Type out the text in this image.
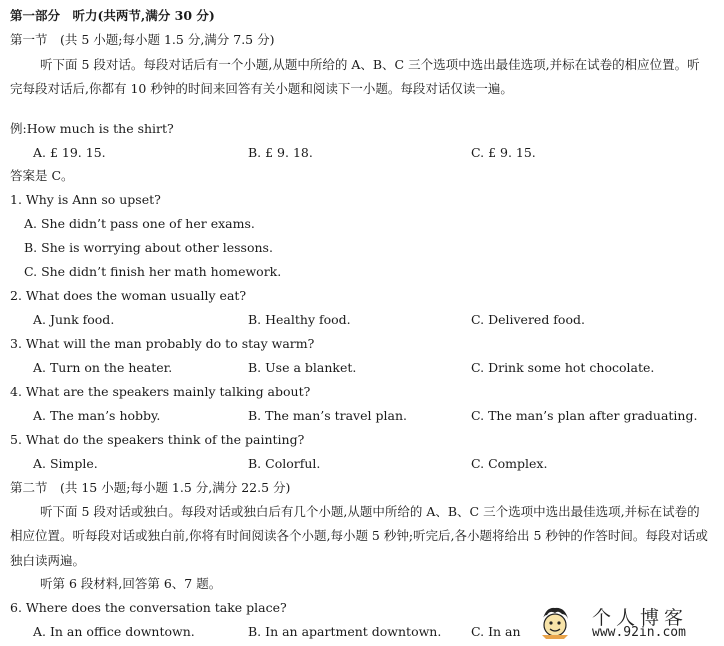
第一部分　听力(共两节,满分 30 分)
第一节　(共 5 小题;每小题 1.5 分,满分 7.5 分)
听下面 5 段对话。每段对话后有一个小题,从题中所给的 A、B、C 三个选项中选出最佳选项,并标在试卷的相应位置。听完每段对话后,你都有 10 秒钟的时间来回答有关小题和阅读下一小题。每段对话仅读一遍。
例:How much is the shirt?
A. £ 19. 15.	B. £ 9. 18.	C. £ 9. 15.
答案是 C。
1. Why is Ann so upset?
A. She didn’t pass one of her exams.
B. She is worrying about other lessons.
C. She didn’t finish her math homework.
2. What does the woman usually eat?
A. Junk food.	B. Healthy food.	C. Delivered food.
3. What will the man probably do to stay warm?
A. Turn on the heater.	B. Use a blanket.	C. Drink some hot chocolate.
4. What are the speakers mainly talking about?
A. The man’s hobby.	B. The man’s travel plan.	C. The man’s plan after graduating.
5. What do the speakers think of the painting?
A. Simple.	B. Colorful.	C. Complex.
第二节　(共 15 小题;每小题 1.5 分,满分 22.5 分)
听下面 5 段对话或独白。每段对话或独白后有几个小题,从题中所给的 A、B、C 三个选项中选出最佳选项,并标在试卷的相应位置。听每段对话或独白前,你将有时间阅读各个小题,每小题 5 秒钟;听完后,各小题将给出 5 秒钟的作答时间。每段对话或独白读两遍。
听第 6 段材料,回答第 6、7 题。
6. Where does the conversation take place?
A. In an office downtown.	B. In an apartment downtown. C. In an
个人博客
www.92in.com
